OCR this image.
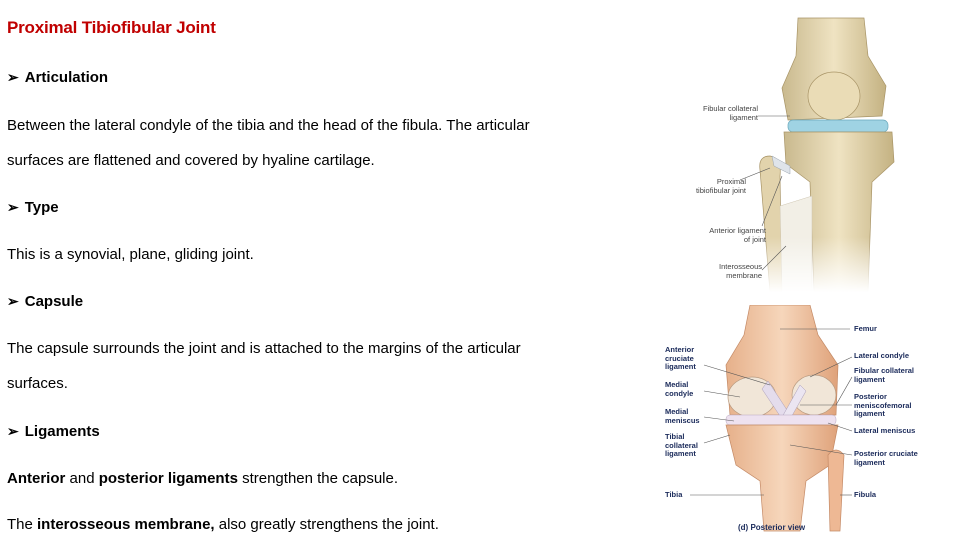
Proximal Tibiofibular Joint
➢ Articulation
Between the lateral condyle of the tibia and the head of the fibula. The articular
surfaces are flattened and covered by hyaline cartilage.
➢ Type
This is a synovial, plane, gliding joint.
➢ Capsule
The capsule surrounds the joint and is attached to the margins of the articular
surfaces.
➢ Ligaments
Anterior and posterior ligaments strengthen the capsule.
The interosseous membrane, also greatly strengthens the joint.
Fibular collateral
ligament
Proximal
tibiofibular joint
Anterior ligament
of joint
Interosseous
membrane
Femur
Anterior
cruciate
ligament
Lateral condyle
Fibular collateral
ligament
Medial
condyle	Posterior
meniscofemoral
ligament
Medial
meniscus
Lateral meniscus
Tibial
collateral
ligament	Posterior cruciate
ligament
Tibia	Fibula
(d) Posterior view
